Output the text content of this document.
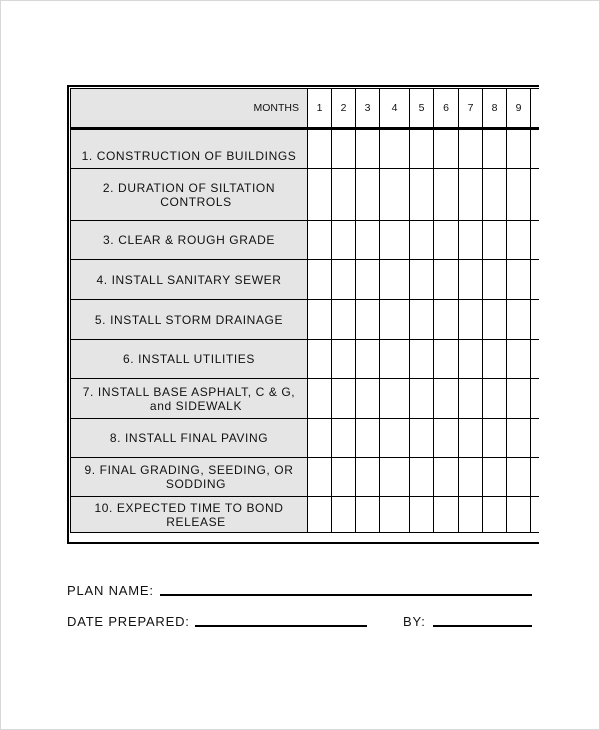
MONTHS	1	2	3	4	5	6	7	8	9	

1. CONSTRUCTION OF BUILDINGS										

2. DURATION OF SILTATION
CONTROLS										

3. CLEAR & ROUGH GRADE										

4. INSTALL SANITARY SEWER										

5. INSTALL STORM DRAINAGE										

6. INSTALL UTILITIES										

7. INSTALL BASE ASPHALT, C & G,
and SIDEWALK										

8. INSTALL FINAL PAVING										

9. FINAL GRADING, SEEDING, OR
SODDING										

10. EXPECTED TIME TO BOND
RELEASE										

PLAN NAME:
DATE PREPARED:	BY:
